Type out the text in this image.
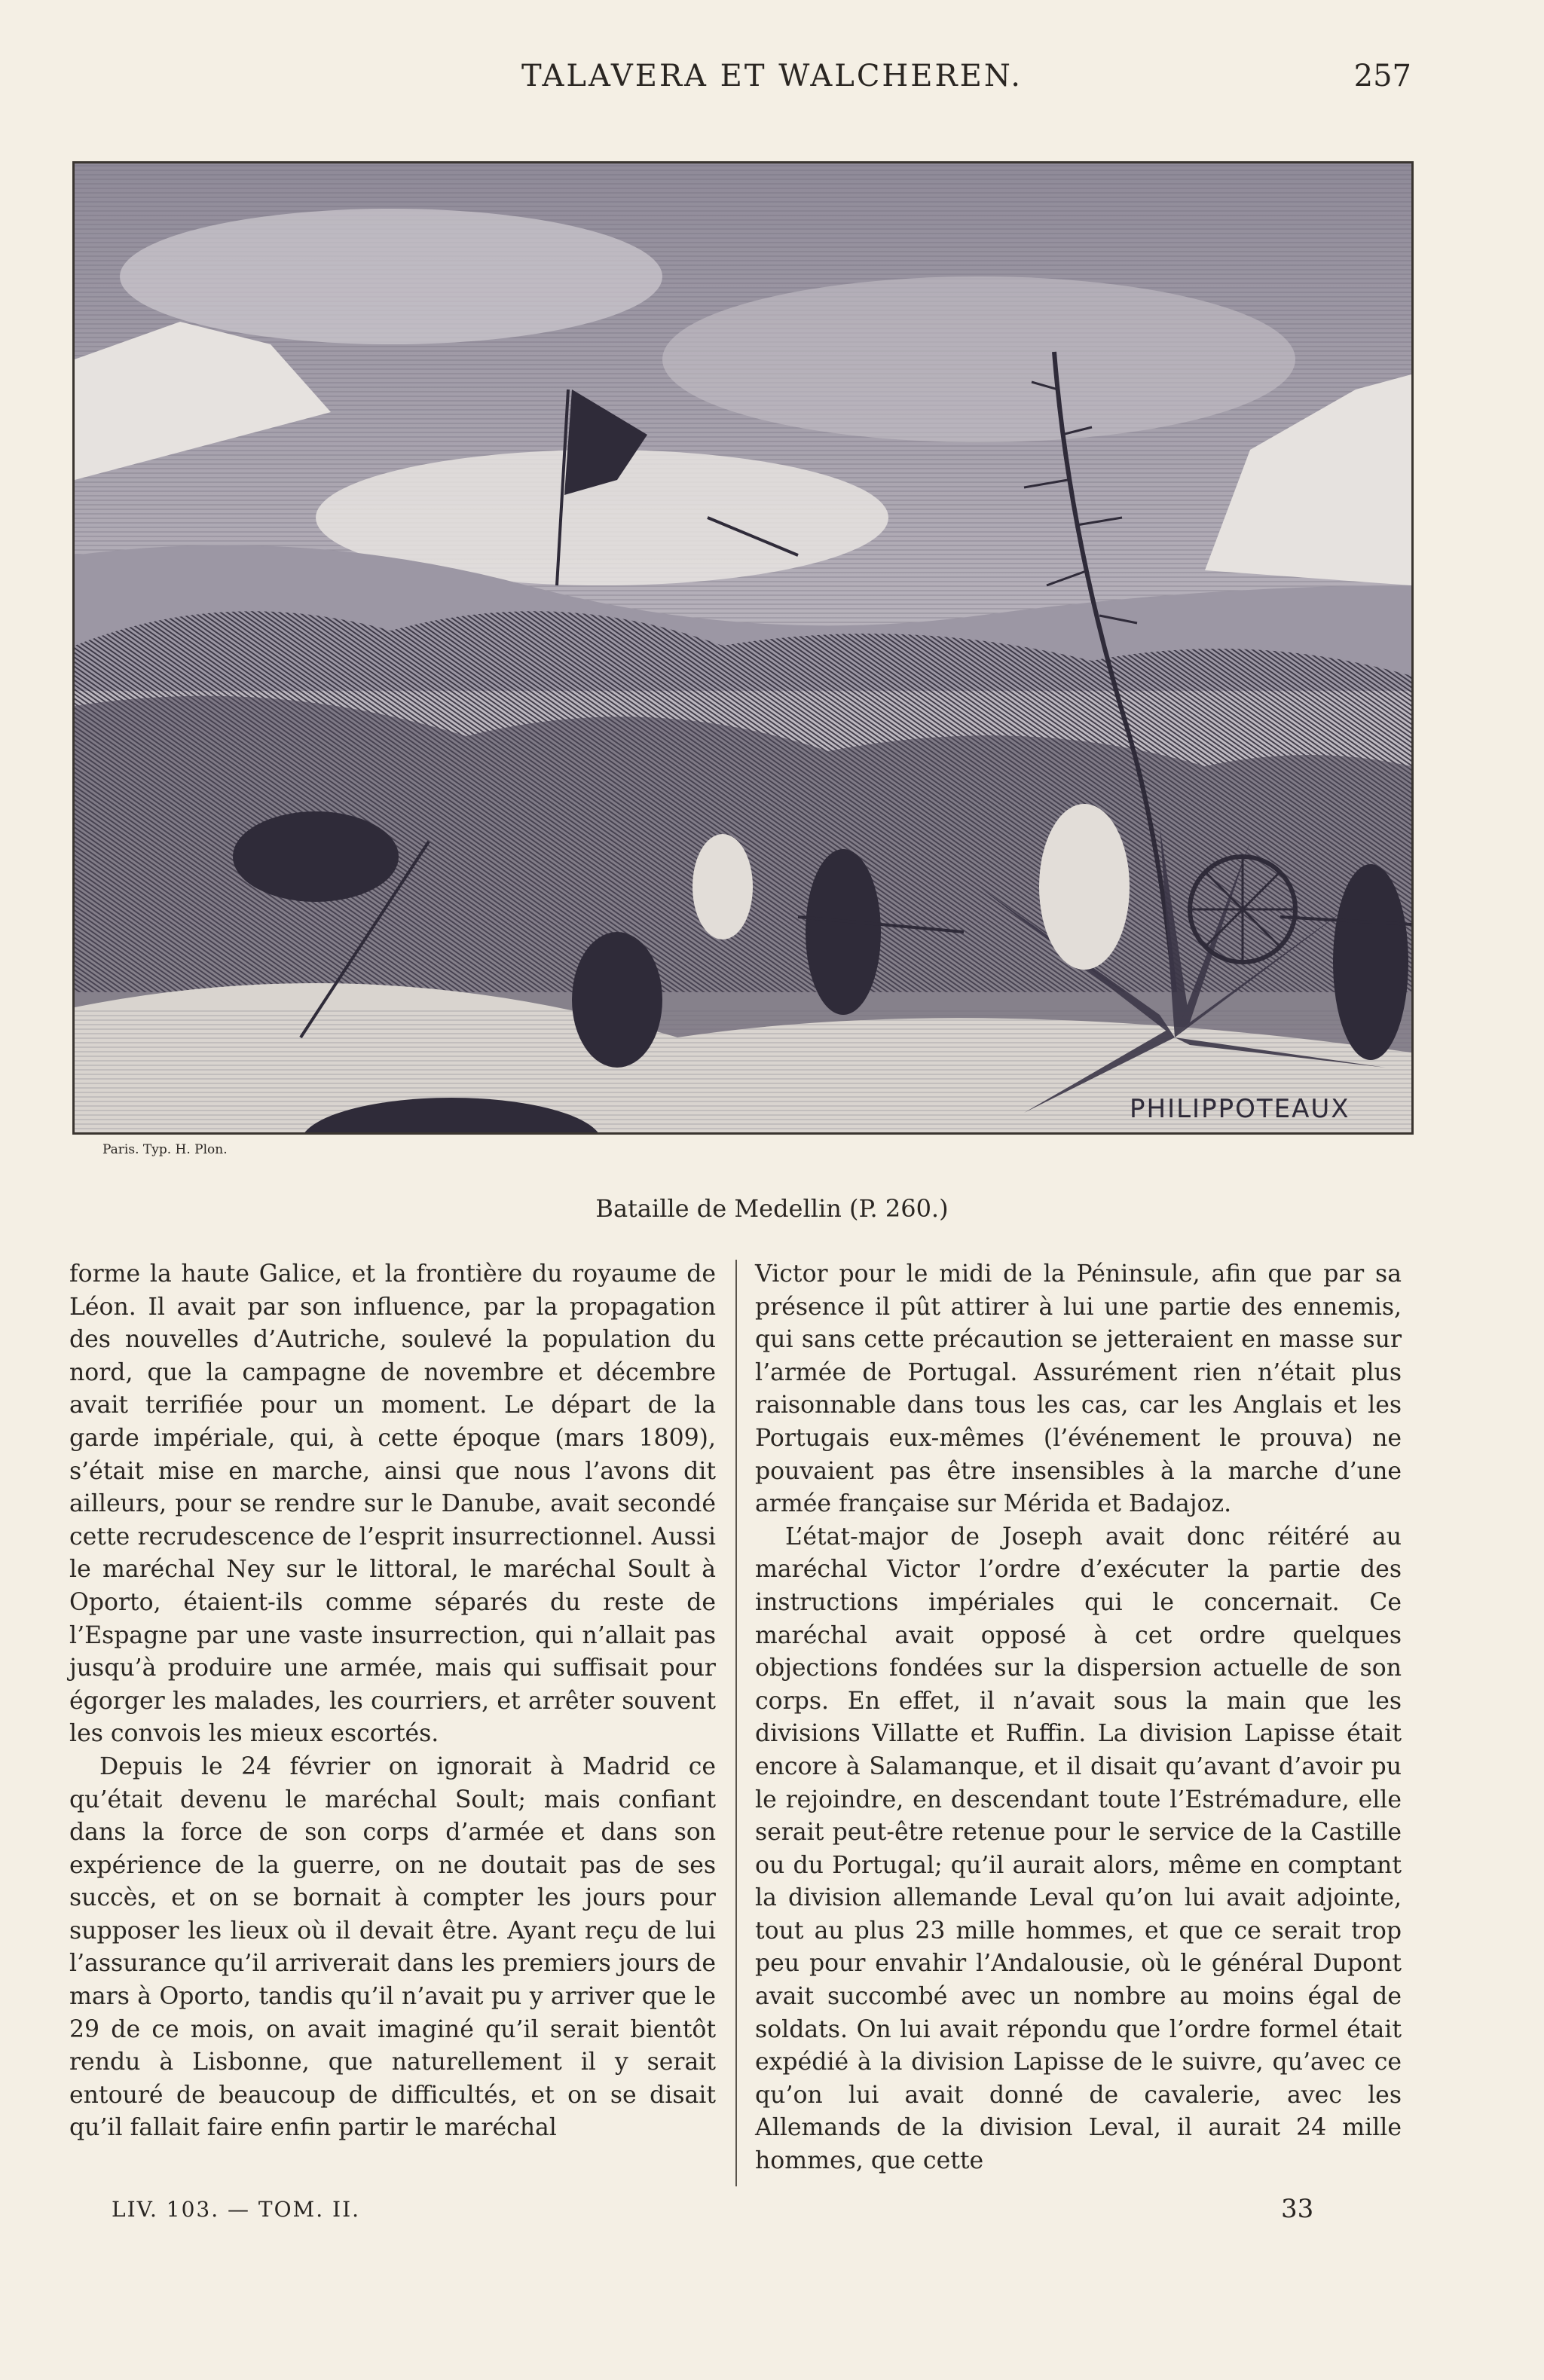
TALAVERA ET WALCHEREN.	257
PHILIPPOTEAUX
Paris. Typ. H. Plon.
Bataille de Medellin (P. 260.)

forme la haute Galice, et la frontière du royaume de Léon. Il avait par son influence, par la propagation des nouvelles d’Autriche, soulevé la population du nord, que la campagne de novembre et décembre avait terrifiée pour un moment. Le départ de la garde impériale, qui, à cette époque (mars 1809), s’était mise en marche, ainsi que nous l’avons dit ailleurs, pour se rendre sur le Danube, avait secondé cette recrudescence de l’esprit insurrectionnel. Aussi le maréchal Ney sur le littoral, le maréchal Soult à Oporto, étaient-ils comme séparés du reste de l’Espagne par une vaste insurrection, qui n’allait pas jusqu’à produire une armée, mais qui suffisait pour égorger les malades, les courriers, et arrêter souvent les convois les mieux escortés.

Depuis le 24 février on ignorait à Madrid ce qu’était devenu le maréchal Soult; mais confiant dans la force de son corps d’armée et dans son expérience de la guerre, on ne doutait pas de ses succès, et on se bornait à compter les jours pour supposer les lieux où il devait être. Ayant reçu de lui l’assurance qu’il arriverait dans les premiers jours de mars à Oporto, tandis qu’il n’avait pu y arriver que le 29 de ce mois, on avait imaginé qu’il serait bientôt rendu à Lisbonne, que naturellement il y serait entouré de beaucoup de difficultés, et on se disait qu’il fallait faire enfin partir le maréchal

Victor pour le midi de la Péninsule, afin que par sa présence il pût attirer à lui une partie des ennemis, qui sans cette précaution se jetteraient en masse sur l’armée de Portugal. Assurément rien n’était plus raisonnable dans tous les cas, car les Anglais et les Portugais eux-mêmes (l’événement le prouva) ne pouvaient pas être insensibles à la marche d’une armée française sur Mérida et Badajoz.

L’état-major de Joseph avait donc réitéré au maréchal Victor l’ordre d’exécuter la partie des instructions impériales qui le concernait. Ce maréchal avait opposé à cet ordre quelques objections fondées sur la dispersion actuelle de son corps. En effet, il n’avait sous la main que les divisions Villatte et Ruffin. La division Lapisse était encore à Salamanque, et il disait qu’avant d’avoir pu le rejoindre, en descendant toute l’Estrémadure, elle serait peut-être retenue pour le service de la Castille ou du Portugal; qu’il aurait alors, même en comptant la division allemande Leval qu’on lui avait adjointe, tout au plus 23 mille hommes, et que ce serait trop peu pour envahir l’Andalousie, où le général Dupont avait succombé avec un nombre au moins égal de soldats. On lui avait répondu que l’ordre formel était expédié à la division Lapisse de le suivre, qu’avec ce qu’on lui avait donné de cavalerie, avec les Allemands de la division Leval, il aurait 24 mille hommes, que cette

LIV. 103. — TOM. II.	33
